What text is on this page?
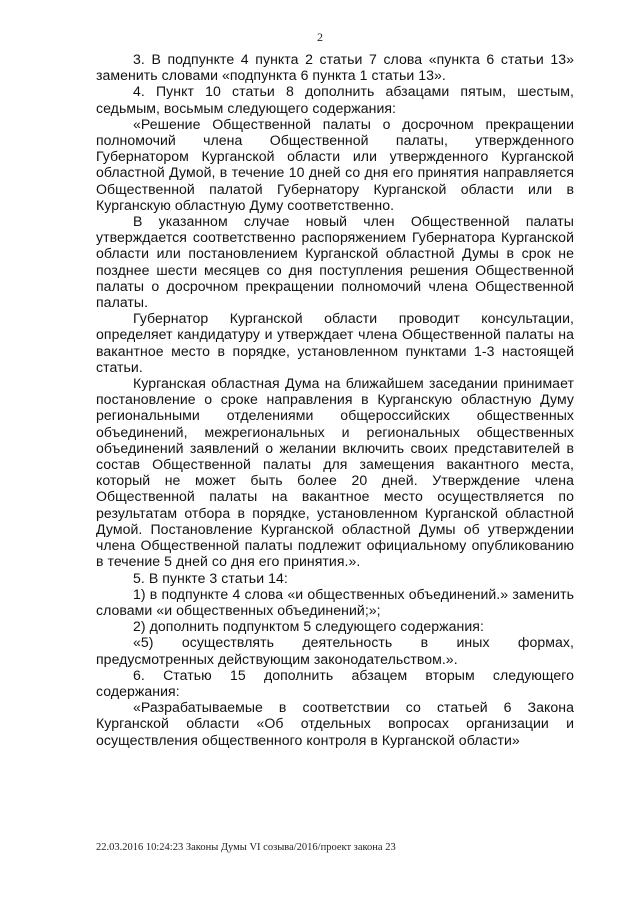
2

3. В подпункте 4 пункта 2 статьи 7 слова «пункта 6 статьи 13» заменить словами «подпункта 6 пункта 1 статьи 13».

4. Пункт 10 статьи 8 дополнить абзацами пятым, шестым, седьмым, восьмым следующего содержания:

«Решение Общественной палаты о досрочном прекращении полномочий члена Общественной палаты, утвержденного Губернатором Курганской области или утвержденного Курганской областной Думой, в течение 10 дней со дня его принятия направляется Общественной палатой Губернатору Курганской области или в Курганскую областную Думу соответственно.

В указанном случае новый член Общественной палаты утверждается соответственно распоряжением Губернатора Курганской области или постановлением Курганской областной Думы в срок не позднее шести месяцев со дня поступления решения Общественной палаты о досрочном прекращении полномочий члена Общественной палаты.

Губернатор Курганской области проводит консультации, определяет кандидатуру и утверждает члена Общественной палаты на вакантное место в порядке, установленном пунктами 1-3 настоящей статьи.

Курганская областная Дума на ближайшем заседании принимает постановление о сроке направления в Курганскую областную Думу региональными отделениями общероссийских общественных объединений, межрегиональных и региональных общественных объединений заявлений о желании включить своих представителей в состав Общественной палаты для замещения вакантного места, который не может быть более 20 дней. Утверждение члена Общественной палаты на вакантное место осуществляется по результатам отбора в порядке, установленном Курганской областной Думой. Постановление Курганской областной Думы об утверждении члена Общественной палаты подлежит официальному опубликованию в течение 5 дней со дня его принятия.».

5. В пункте 3 статьи 14:

1) в подпункте 4 слова «и общественных объединений.» заменить словами «и общественных объединений;»;

2) дополнить подпунктом 5 следующего содержания:

«5) осуществлять деятельность в иных формах, предусмотренных действующим законодательством.».

6. Статью 15 дополнить абзацем вторым следующего содержания:

«Разрабатываемые в соответствии со статьей 6 Закона Курганской области «Об отдельных вопросах организации и осуществления общественного контроля в Курганской области»

22.03.2016 10:24:23 Законы Думы VI созыва/2016/проект закона 23
